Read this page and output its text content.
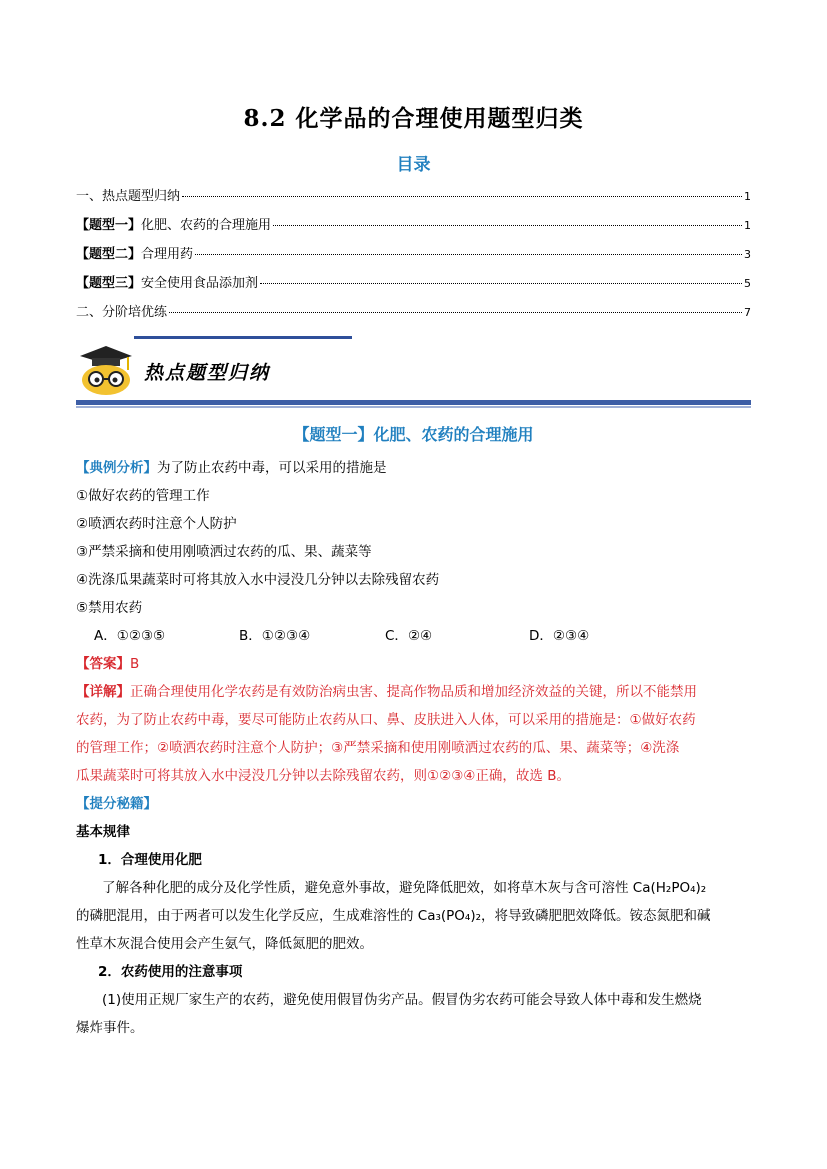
8.2 化学品的合理使用题型归类
目录
一、热点题型归纳	1
【题型一】化肥、农药的合理施用	1
【题型二】合理用药	3
【题型三】安全使用食品添加剂	5
二、分阶培优练	7
热点题型归纳
【题型一】化肥、农药的合理施用
【典例分析】为了防止农药中毒，可以采用的措施是
①做好农药的管理工作
②喷洒农药时注意个人防护
③严禁采摘和使用刚喷洒过农药的瓜、果、蔬菜等
④洗涤瓜果蔬菜时可将其放入水中浸没几分钟以去除残留农药
⑤禁用农药
A．①②③⑤	B．①②③④	C．②④	D．②③④
【答案】B
【详解】正确合理使用化学农药是有效防治病虫害、提高作物品质和增加经济效益的关键，所以不能禁用
农药，为了防止农药中毒，要尽可能防止农药从口、鼻、皮肤进入人体，可以采用的措施是：①做好农药
的管理工作；②喷洒农药时注意个人防护；③严禁采摘和使用刚喷洒过农药的瓜、果、蔬菜等；④洗涤
瓜果蔬菜时可将其放入水中浸没几分钟以去除残留农药，则①②③④正确，故选 B。
【提分秘籍】
基本规律
1．合理使用化肥
了解各种化肥的成分及化学性质，避免意外事故，避免降低肥效，如将草木灰与含可溶性 Ca(H₂PO₄)₂
的磷肥混用，由于两者可以发生化学反应，生成难溶性的 Ca₃(PO₄)₂，将导致磷肥肥效降低。铵态氮肥和碱
性草木灰混合使用会产生氨气，降低氮肥的肥效。
2．农药使用的注意事项
(1)使用正规厂家生产的农药，避免使用假冒伪劣产品。假冒伪劣农药可能会导致人体中毒和发生燃烧
爆炸事件。
